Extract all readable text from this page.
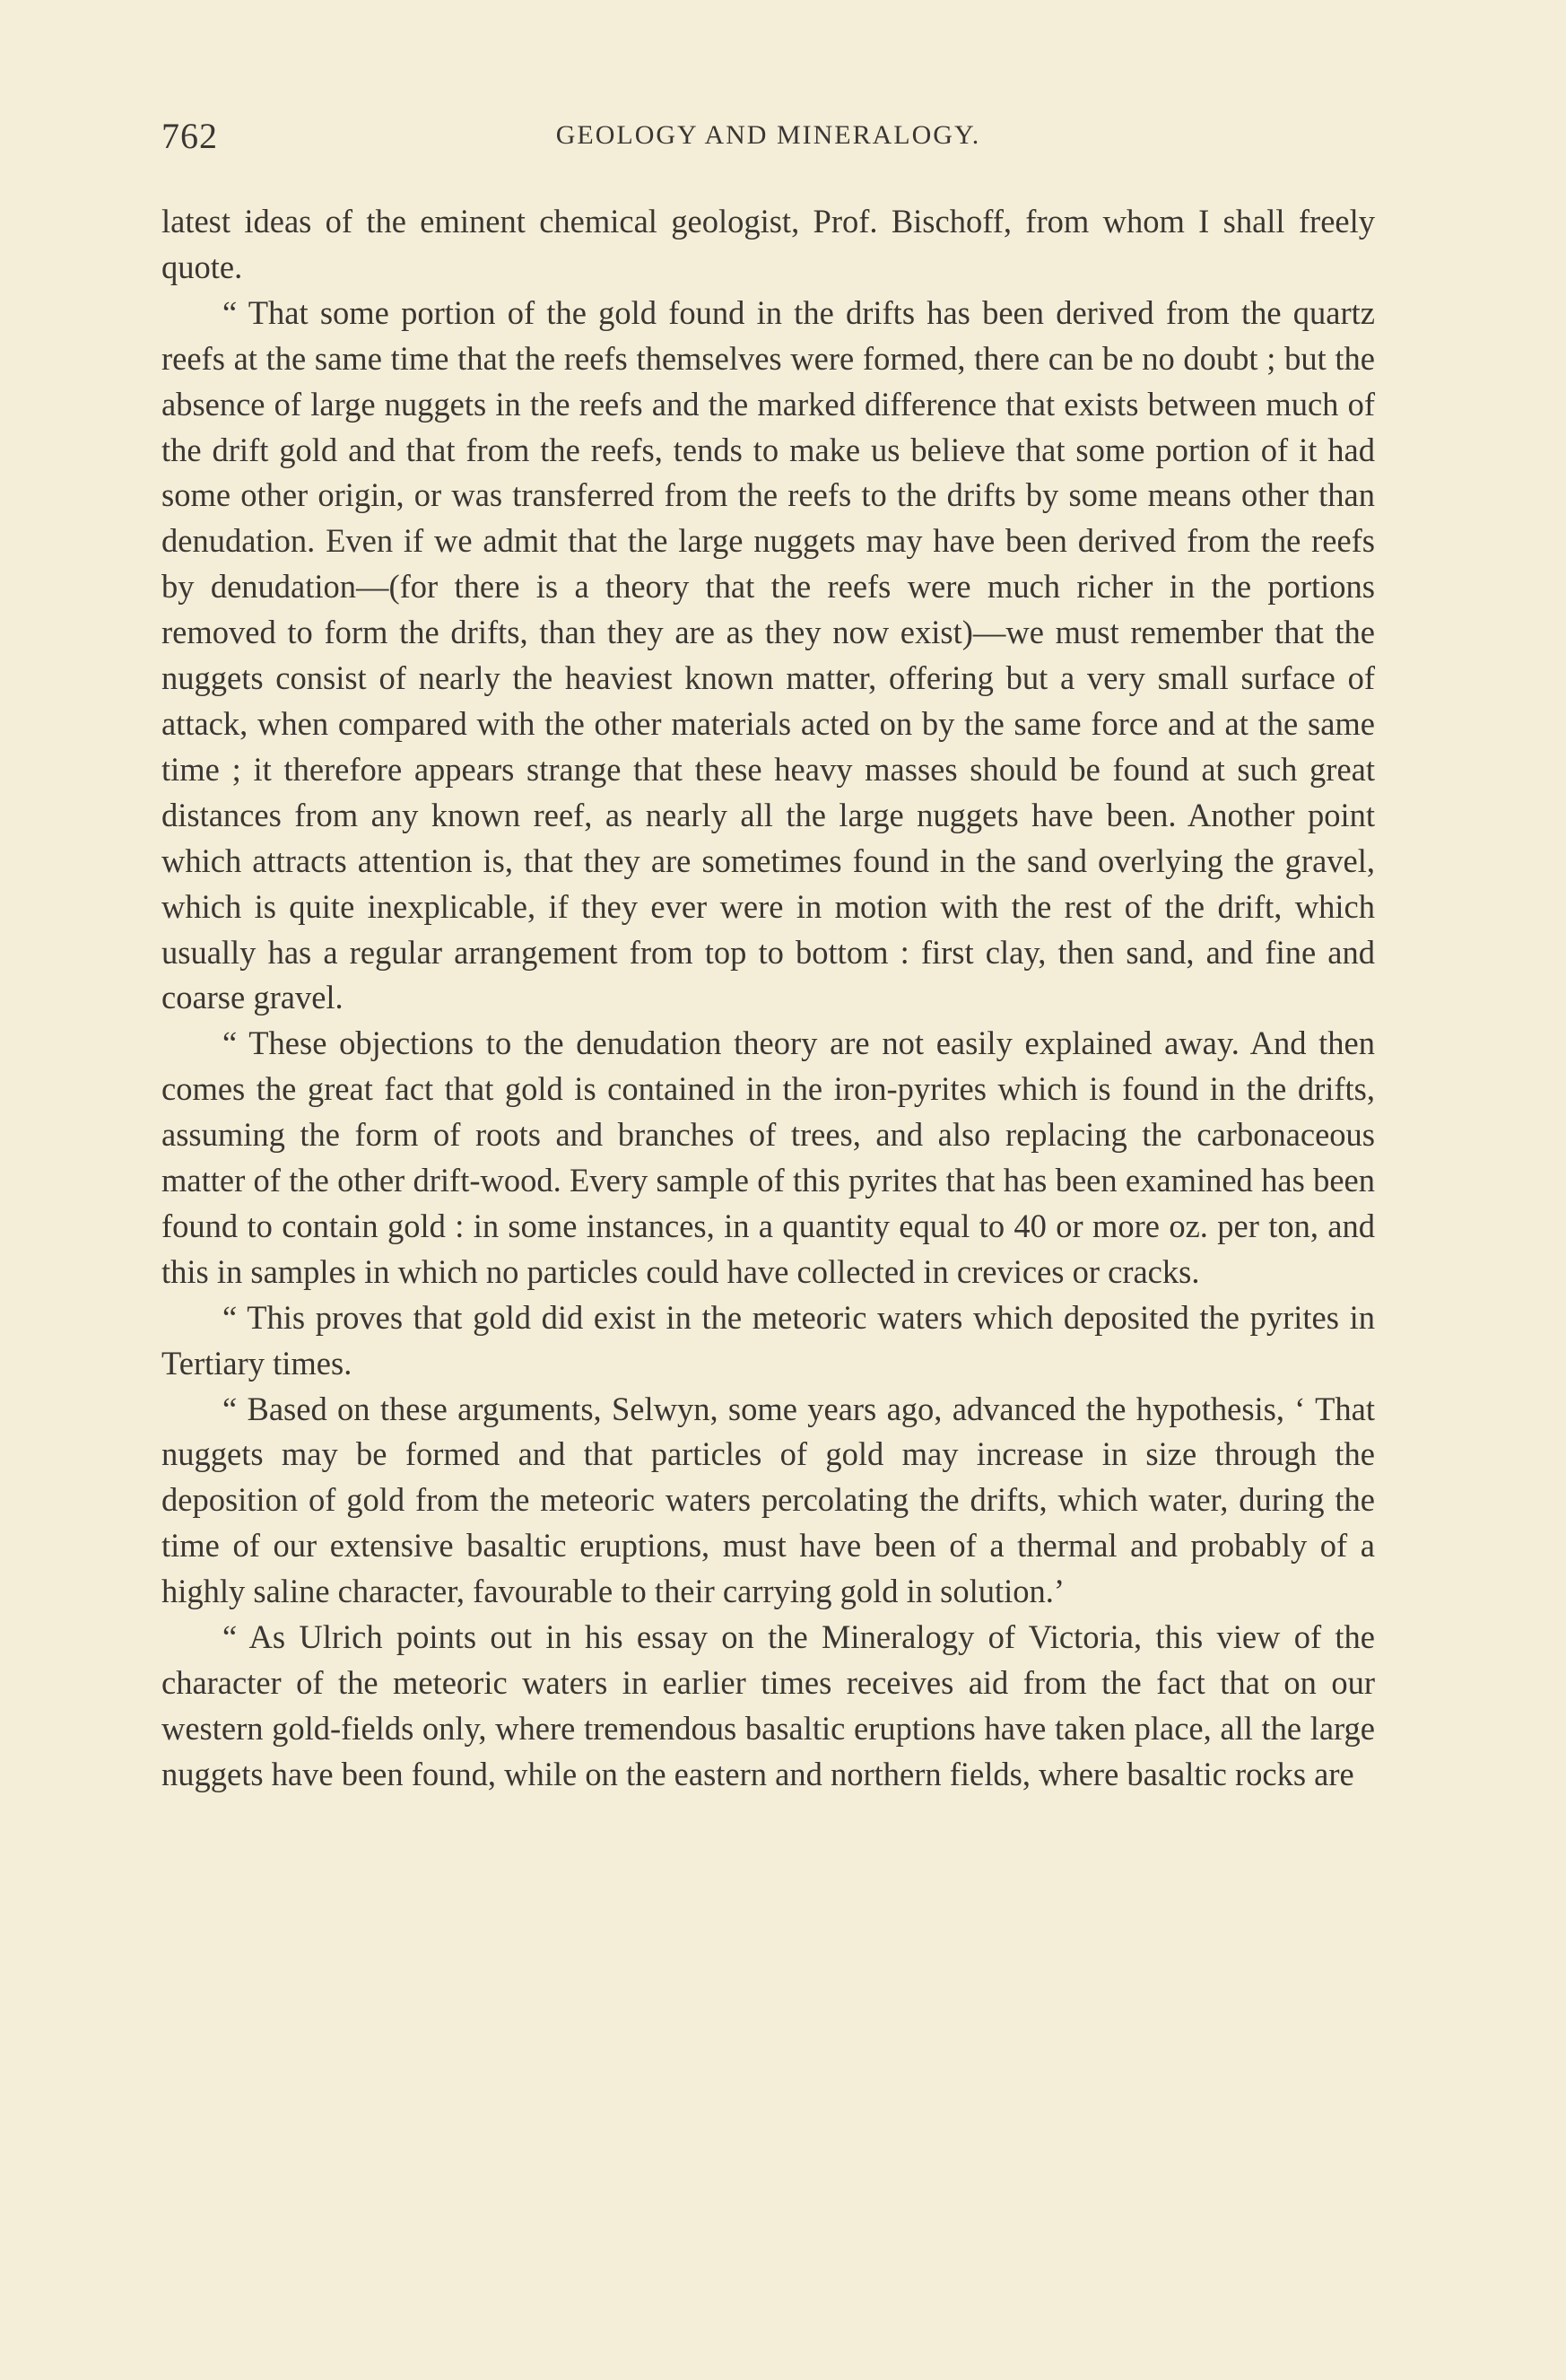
762	GEOLOGY AND MINERALOGY.

latest ideas of the eminent chemical geologist, Prof. Bischoff, from whom I shall freely quote.

“ That some portion of the gold found in the drifts has been derived from the quartz reefs at the same time that the reefs themselves were formed, there can be no doubt ; but the absence of large nuggets in the reefs and the marked difference that exists between much of the drift gold and that from the reefs, tends to make us believe that some portion of it had some other origin, or was transferred from the reefs to the drifts by some means other than denudation. Even if we admit that the large nuggets may have been derived from the reefs by denudation—(for there is a theory that the reefs were much richer in the portions removed to form the drifts, than they are as they now exist)—we must remember that the nuggets consist of nearly the heaviest known matter, offering but a very small surface of attack, when compared with the other materials acted on by the same force and at the same time ; it therefore appears strange that these heavy masses should be found at such great distances from any known reef, as nearly all the large nuggets have been. Another point which attracts attention is, that they are sometimes found in the sand overlying the gravel, which is quite inexplicable, if they ever were in motion with the rest of the drift, which usually has a regular arrangement from top to bottom : first clay, then sand, and fine and coarse gravel.

“ These objections to the denudation theory are not easily explained away. And then comes the great fact that gold is contained in the iron-pyrites which is found in the drifts, assuming the form of roots and branches of trees, and also replacing the carbonaceous matter of the other drift-wood. Every sample of this pyrites that has been examined has been found to contain gold : in some instances, in a quantity equal to 40 or more oz. per ton, and this in samples in which no particles could have collected in crevices or cracks.

“ This proves that gold did exist in the meteoric waters which deposited the pyrites in Tertiary times.

“ Based on these arguments, Selwyn, some years ago, advanced the hypothesis, ‘ That nuggets may be formed and that particles of gold may increase in size through the deposition of gold from the meteoric waters percolating the drifts, which water, during the time of our extensive basaltic eruptions, must have been of a thermal and probably of a highly saline character, favourable to their carrying gold in solution.’

“ As Ulrich points out in his essay on the Mineralogy of Victoria, this view of the character of the meteoric waters in earlier times receives aid from the fact that on our western gold-fields only, where tremendous basaltic eruptions have taken place, all the large nuggets have been found, while on the eastern and northern fields, where basaltic rocks are
